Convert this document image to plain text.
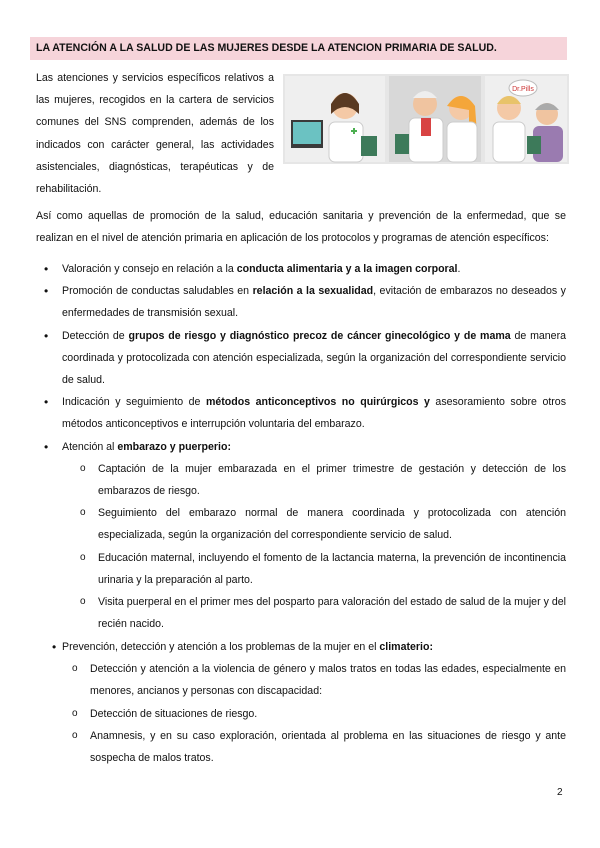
LA ATENCIÓN A LA SALUD DE LAS MUJERES DESDE LA ATENCION PRIMARIA DE SALUD.
Las atenciones y servicios específicos relativos a las mujeres, recogidos en la cartera de servicios comunes del SNS comprenden, además de los indicados con carácter general, las actividades asistenciales, diagnósticas, terapéuticas y de rehabilitación.
Dr.Pills
Así como aquellas de promoción de la salud, educación sanitaria y prevención de la enfermedad, que se realizan en el nivel de atención primaria en aplicación de los protocolos y programas de atención específicos:
• Valoración y consejo en relación a la conducta alimentaria y a la imagen corporal.
• Promoción de conductas saludables en relación a la sexualidad, evitación de embarazos no deseados y enfermedades de transmisión sexual.
• Detección de grupos de riesgo y diagnóstico precoz de cáncer ginecológico y de mama de manera coordinada y protocolizada con atención especializada, según la organización del correspondiente servicio de salud.
• Indicación y seguimiento de métodos anticonceptivos no quirúrgicos y asesoramiento sobre otros métodos anticonceptivos e interrupción voluntaria del embarazo.
• Atención al embarazo y puerperio:
o Captación de la mujer embarazada en el primer trimestre de gestación y detección de los embarazos de riesgo.
o Seguimiento del embarazo normal de manera coordinada y protocolizada con atención especializada, según la organización del correspondiente servicio de salud.
o Educación maternal, incluyendo el fomento de la lactancia materna, la prevención de incontinencia urinaria y la preparación al parto.
o Visita puerperal en el primer mes del posparto para valoración del estado de salud de la mujer y del recién nacido.
• Prevención, detección y atención a los problemas de la mujer en el climaterio:
o Detección y atención a la violencia de género y malos tratos en todas las edades, especialmente en menores, ancianos y personas con discapacidad:
o Detección de situaciones de riesgo.
o Anamnesis, y en su caso exploración, orientada al problema en las situaciones de riesgo y ante sospecha de malos tratos.
2
